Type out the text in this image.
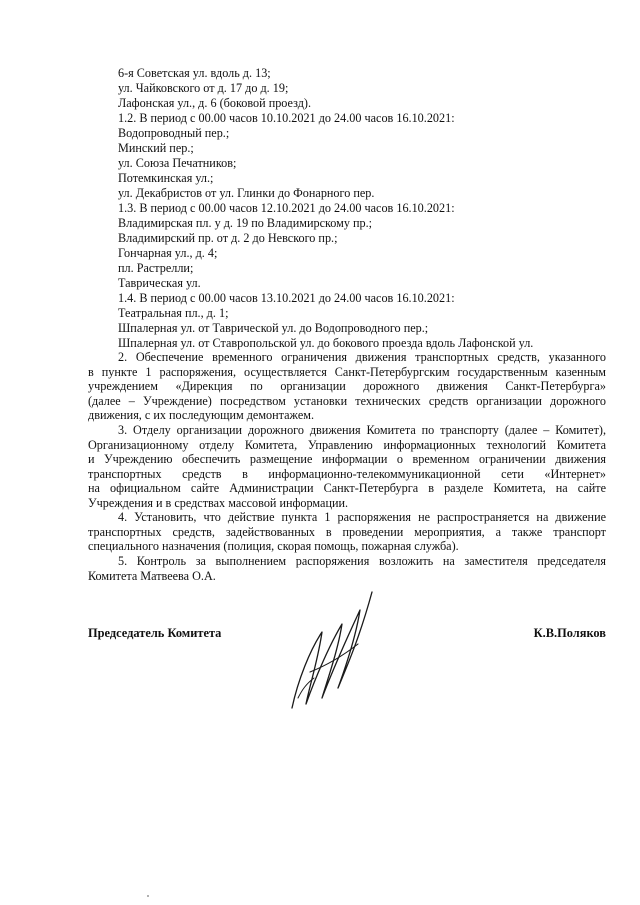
6-я Советская ул. вдоль д. 13;
ул. Чайковского от д. 17 до д. 19;
Лафонская ул., д. 6 (боковой проезд).
1.2. В период с 00.00 часов 10.10.2021 до 24.00 часов 16.10.2021:
Водопроводный пер.;
Минский пер.;
ул. Союза Печатников;
Потемкинская ул.;
ул. Декабристов от ул. Глинки до Фонарного пер.
1.3. В период с 00.00 часов 12.10.2021 до 24.00 часов 16.10.2021:
Владимирская пл. у д. 19 по Владимирскому пр.;
Владимирский пр. от д. 2 до Невского пр.;
Гончарная ул., д. 4;
пл. Растрелли;
Таврическая ул.
1.4. В период с 00.00 часов 13.10.2021 до 24.00 часов 16.10.2021:
Театральная пл., д. 1;
Шпалерная ул. от Таврической ул. до Водопроводного пер.;
Шпалерная ул. от Ставропольской ул. до бокового проезда вдоль Лафонской ул.
2. Обеспечение временного ограничения движения транспортных средств, указанного
в пункте 1 распоряжения, осуществляется Санкт-Петербургским государственным казенным
учреждением «Дирекция по организации дорожного движения Санкт-Петербурга»
(далее – Учреждение) посредством установки технических средств организации дорожного
движения, с их последующим демонтажем.
3. Отделу организации дорожного движения Комитета по транспорту (далее – Комитет),
Организационному отделу Комитета, Управлению информационных технологий Комитета
и Учреждению обеспечить размещение информации о временном ограничении движения
транспортных средств в информационно-телекоммуникационной сети «Интернет»
на официальном сайте Администрации Санкт-Петербурга в разделе Комитета, на сайте
Учреждения и в средствах массовой информации.
4. Установить, что действие пункта 1 распоряжения не распространяется на движение
транспортных средств, задействованных в проведении мероприятия, а также транспорт
специального назначения (полиция, скорая помощь, пожарная служба).
5. Контроль за выполнением распоряжения возложить на заместителя председателя
Комитета Матвеева О.А.
Председатель Комитета	К.В.Поляков
